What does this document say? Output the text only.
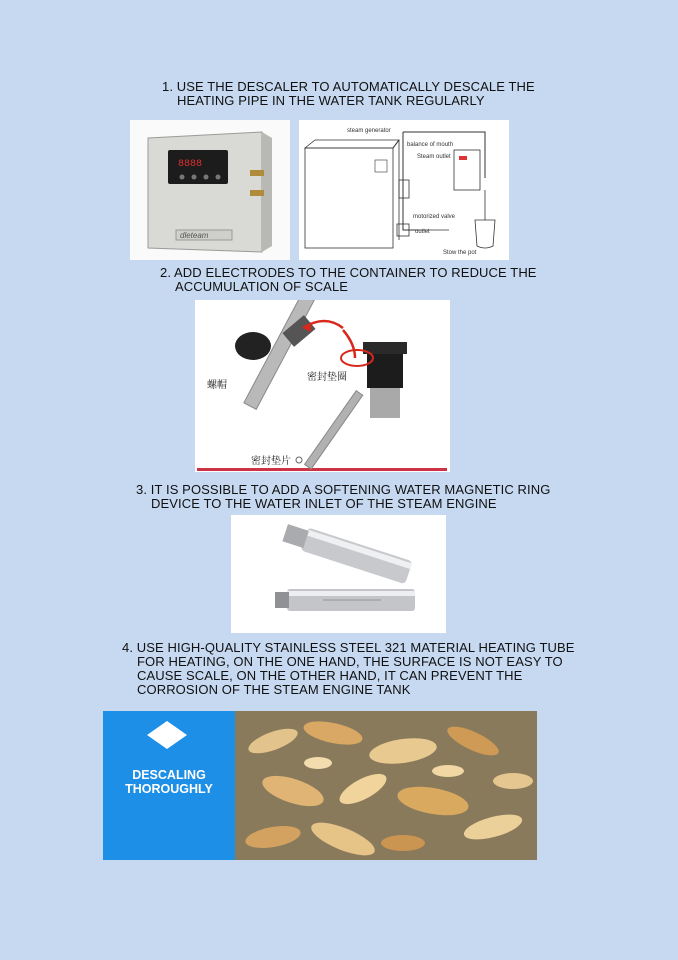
1. USE THE DESCALER TO AUTOMATICALLY DESCALE THE
HEATING PIPE IN THE WATER TANK REGULARLY
8888
dleteam
steam generator
balance of mouth
Steam outlet
motorized valve
outlet
Stow the pot
2. ADD ELECTRODES TO THE CONTAINER TO REDUCE THE
ACCUMULATION OF SCALE
螺帽
密封垫圈
密封垫片
3. IT IS POSSIBLE TO ADD A SOFTENING WATER MAGNETIC RING
DEVICE TO THE WATER INLET OF THE STEAM ENGINE
4. USE HIGH-QUALITY STAINLESS STEEL 321 MATERIAL HEATING TUBE
FOR HEATING, ON THE ONE HAND, THE SURFACE IS NOT EASY TO
CAUSE SCALE, ON THE OTHER HAND, IT CAN PREVENT THE
CORROSION OF THE STEAM ENGINE TANK
DESCALING
THOROUGHLY
